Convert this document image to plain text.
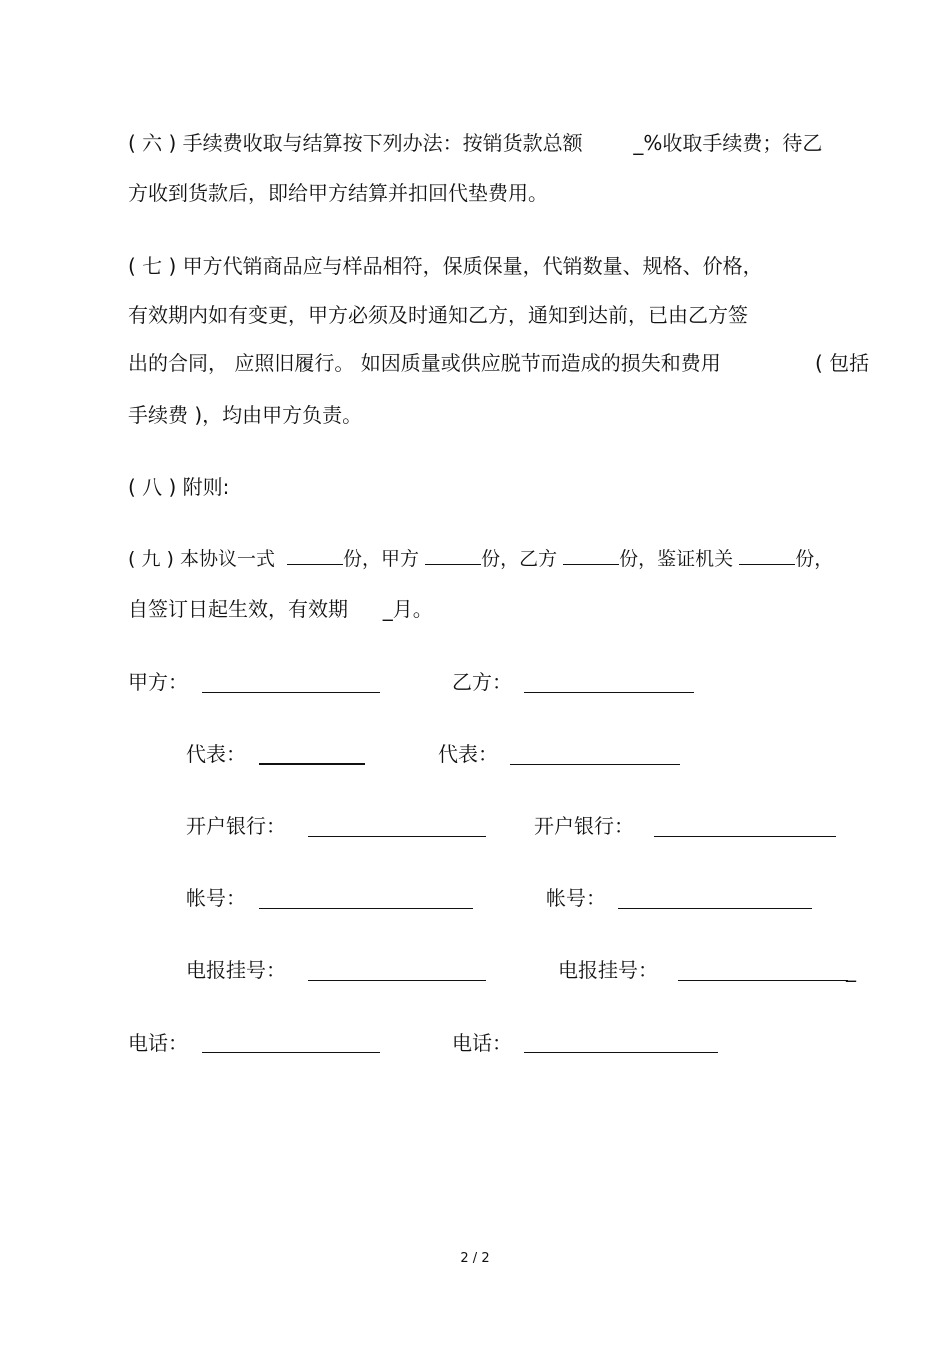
( 六 ) 手续费收取与结算按下列办法：按销货款总额	_%收取手续费；待乙
方收到货款后，即给甲方结算并扣回代垫费用。
( 七 ) 甲方代销商品应与样品相符，保质保量，代销数量、规格、价格，
有效期内如有变更，甲方必须及时通知乙方，通知到达前，已由乙方签
出的合同， 应照旧履行。 如因质量或供应脱节而造成的损失和费用	( 包括
手续费 )，均由甲方负责。
( 八 ) 附则:
( 九 ) 本协议一式	份，甲方	份，乙方	份，鉴证机关	份，
自签订日起生效，有效期 _月。
甲方：	乙方：
代表：	代表：
开户银行：	开户银行：
帐号：	帐号：
电报挂号：	电报挂号：	_
电话：	电话：
2 / 2
